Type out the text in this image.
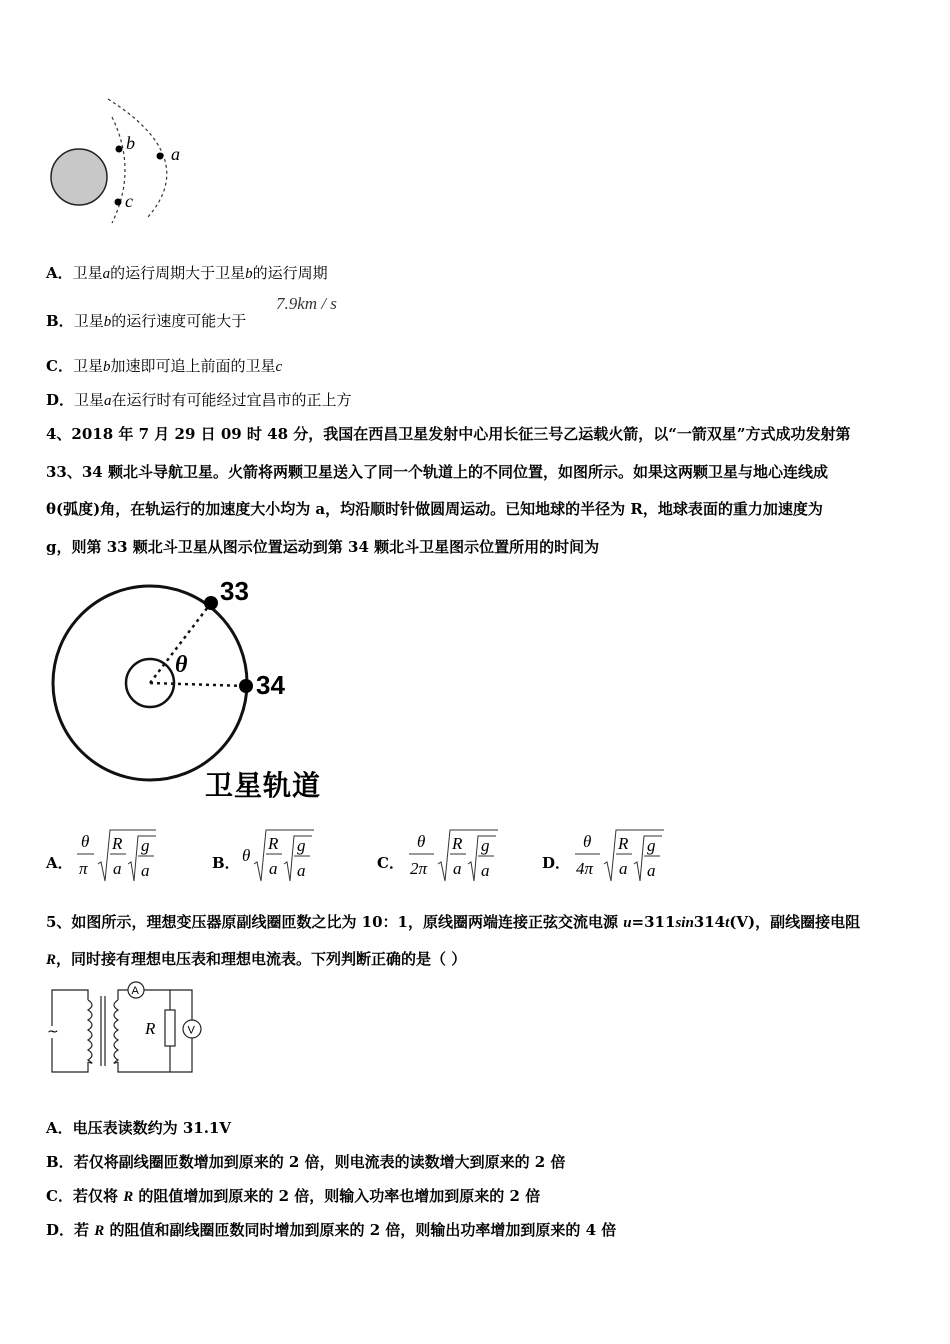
b
c
a
A．卫星a的运行周期大于卫星b的运行周期
B．卫星b的运行速度可能大于
7.9km / s
C．卫星b加速即可追上前面的卫星c
D．卫星a在运行时有可能经过宜昌市的正上方
4、2018 年 7 月 29 日 09 时 48 分，我国在西昌卫星发射中心用长征三号乙运载火箭，以“一箭双星”方式成功发射第
33、34 颗北斗导航卫星。火箭将两颗卫星送入了同一个轨道上的不同位置，如图所示。如果这两颗卫星与地心连线成
θ(弧度)角，在轨运行的加速度大小均为 a，均沿顺时针做圆周运动。已知地球的半径为 R，地球表面的重力加速度为
g，则第 33 颗北斗卫星从图示位置运动到第 34 颗北斗卫星图示位置所用的时间为
33
34
θ
卫星轨道
A．
θ
π
R
a
g
a	B． θ
R
a
g
a	C．
θ
2π
R
a
g
a	D．
θ
4π
R
a
g
a
5、如图所示，理想变压器原副线圈匝数之比为 10：1，原线圈两端连接正弦交流电源 u=311sin314t(V)，副线圈接电阻
R，同时接有理想电压表和理想电流表。下列判断正确的是（ ）
~
A
V
R
A．电压表读数约为 31.1V
B．若仅将副线圈匝数增加到原来的 2 倍，则电流表的读数增大到原来的 2 倍
C．若仅将 R 的阻值增加到原来的 2 倍，则输入功率也增加到原来的 2 倍
D．若 R 的阻值和副线圈匝数同时增加到原来的 2 倍，则输出功率增加到原来的 4 倍
